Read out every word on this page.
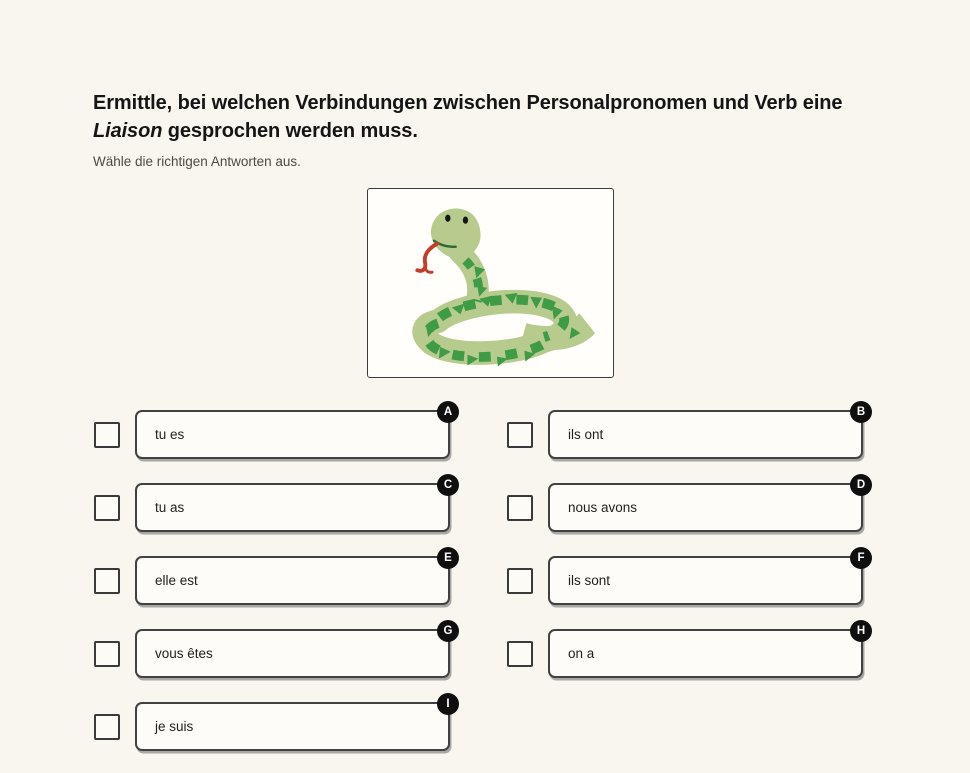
Ermittle, bei welchen Verbindungen zwischen Personalpronomen und Verb eine Liaison gesprochen werden muss.
Wähle die richtigen Antworten aus.
tu es
A
tu as
C
elle est
E
vous êtes
G
je suis
I
ils ont
B
nous avons
D
ils sont
F
on a
H
